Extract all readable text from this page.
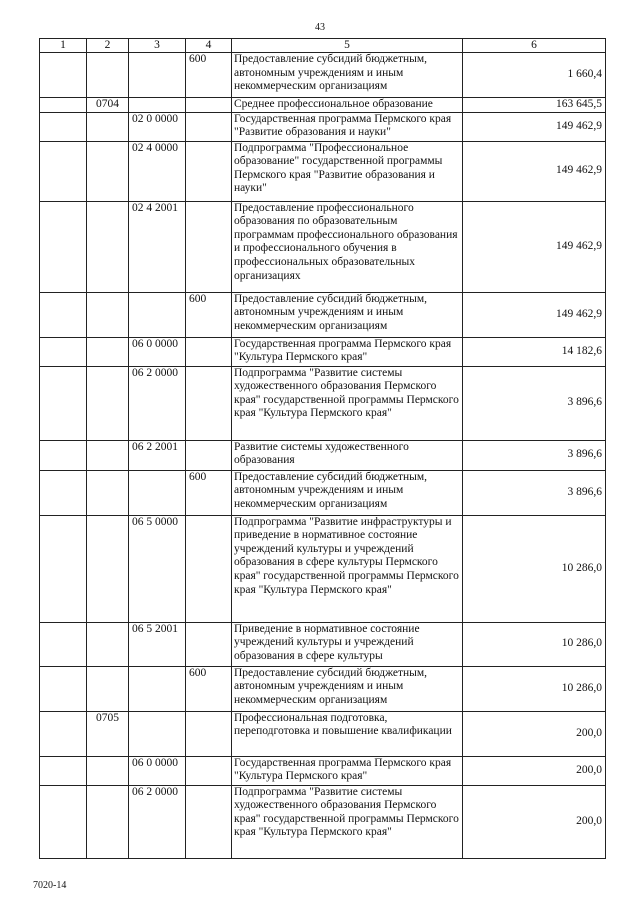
43
1	2	3	4	5	6
			600	Предоставление субсидий бюджетным, автономным учреждениям и иным некоммерческим организациям	1 660,4
	0704			Среднее профессиональное образование	163 645,5
		02 0 0000		Государственная программа Пермского края "Развитие образования и науки"	149 462,9
		02 4 0000		Подпрограмма "Профессиональное образование" государственной программы Пермского края "Развитие образования и науки"	149 462,9
		02 4 2001		Предоставление профессионального образования по образовательным программам профессионального образования и профессионального обучения в профессиональных образовательных организациях	149 462,9
			600	Предоставление субсидий бюджетным, автономным учреждениям и иным некоммерческим организациям	149 462,9
		06 0 0000		Государственная программа Пермского края "Культура Пермского края"	14 182,6
		06 2 0000		Подпрограмма "Развитие системы художественного образования Пермского края" государственной программы Пермского края "Культура Пермского края"	3 896,6
		06 2 2001		Развитие системы художественного образования	3 896,6
			600	Предоставление субсидий бюджетным, автономным учреждениям и иным некоммерческим организациям	3 896,6
		06 5 0000		Подпрограмма "Развитие инфраструктуры и приведение в нормативное состояние учреждений культуры и учреждений образования в сфере культуры Пермского края" государственной программы Пермского края "Культура Пермского края"	10 286,0
		06 5 2001		Приведение в нормативное состояние учреждений культуры и учреждений образования в сфере культуры	10 286,0
			600	Предоставление субсидий бюджетным, автономным учреждениям и иным некоммерческим организациям	10 286,0
	0705			Профессиональная подготовка, переподготовка и повышение квалификации	200,0
		06 0 0000		Государственная программа Пермского края "Культура Пермского края"	200,0
		06 2 0000		Подпрограмма "Развитие системы художественного образования Пермского края" государственной программы Пермского края "Культура Пермского края"	200,0
7020-14
